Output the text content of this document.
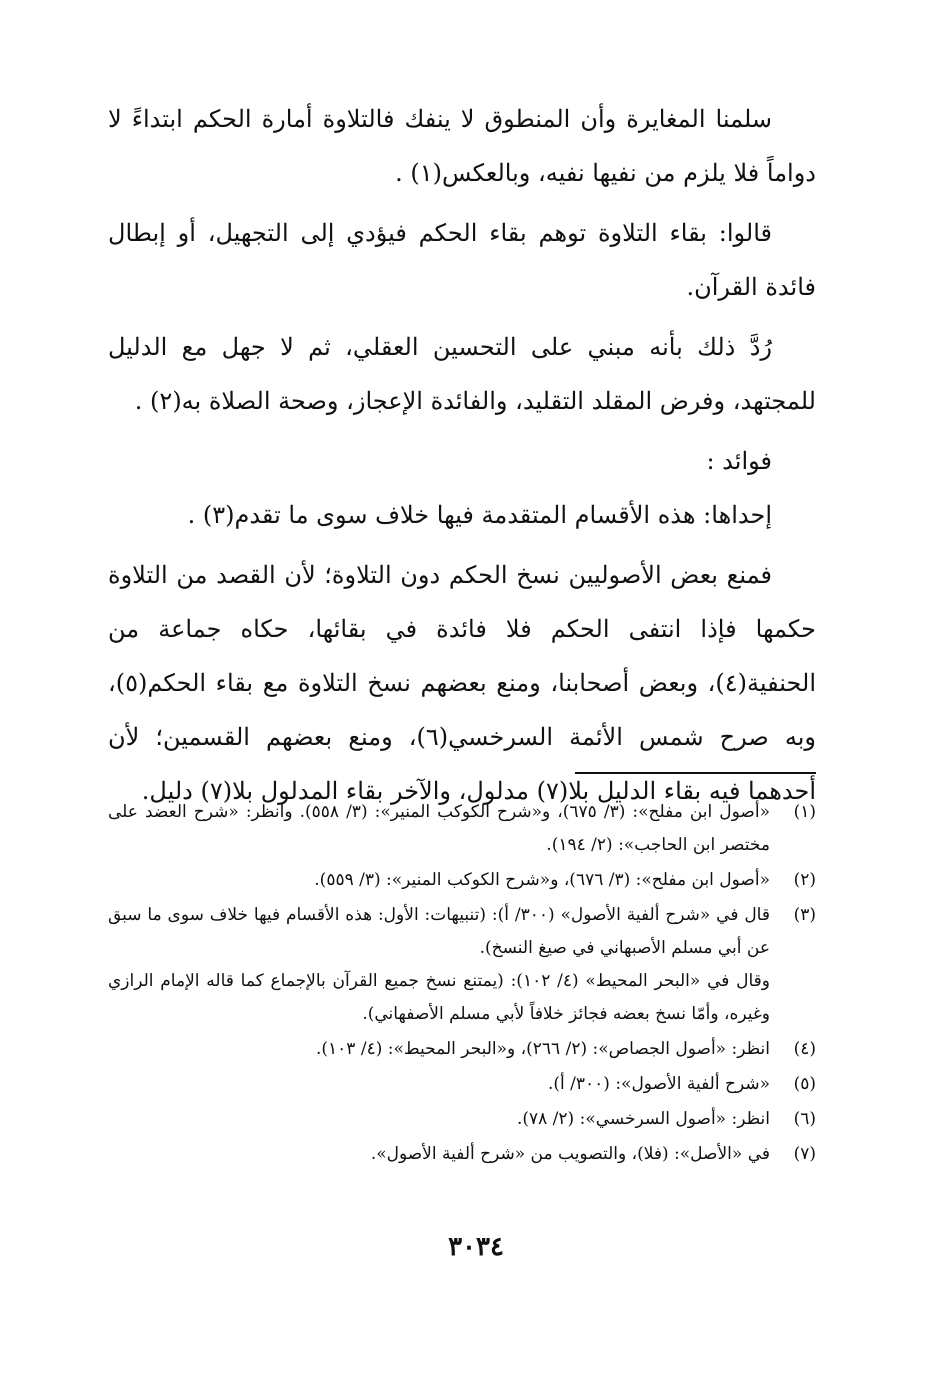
سلمنا المغايرة وأن المنطوق لا ينفك فالتلاوة أمارة الحكم ابتداءً لا دواماً فلا يلزم من نفيها نفيه، وبالعكس(١) .

قالوا: بقاء التلاوة توهم بقاء الحكم فيؤدي إلى التجهيل، أو إبطال فائدة القرآن.

رُدَّ ذلك بأنه مبني على التحسين العقلي، ثم لا جهل مع الدليل للمجتهد، وفرض المقلد التقليد، والفائدة الإعجاز، وصحة الصلاة به(٢) .

فوائد :

إحداها: هذه الأقسام المتقدمة فيها خلاف سوى ما تقدم(٣) .

فمنع بعض الأصوليين نسخ الحكم دون التلاوة؛ لأن القصد من التلاوة حكمها فإذا انتفى الحكم فلا فائدة في بقائها، حكاه جماعة من الحنفية(٤)، وبعض أصحابنا، ومنع بعضهم نسخ التلاوة مع بقاء الحكم(٥)، وبه صرح شمس الأئمة السرخسي(٦)، ومنع بعضهم القسمين؛ لأن أحدهما فيه بقاء الدليل بلا(٧) مدلول، والآخر بقاء المدلول بلا(٧) دليل.

(١)
«أصول ابن مفلح»: (٣/ ٦٧٥)، و«شرح الكوكب المنير»: (٣/ ٥٥٨). وانظر: «شرح العضد على مختصر ابن الحاجب»: (٢/ ١٩٤).
(٢)
«أصول ابن مفلح»: (٣/ ٦٧٦)، و«شرح الكوكب المنير»: (٣/ ٥٥٩).
(٣)
قال في «شرح ألفية الأصول» (٣٠٠/ أ): (تنبيهات: الأول: هذه الأقسام فيها خلاف سوى ما سبق عن أبي مسلم الأصبهاني في صيغ النسخ).
وقال في «البحر المحيط» (٤/ ١٠٢): (يمتنع نسخ جميع القرآن بالإجماع كما قاله الإمام الرازي وغيره، وأمّا نسخ بعضه فجائز خلافاً لأبي مسلم الأصفهاني).
(٤)
انظر: «أصول الجصاص»: (٢/ ٢٦٦)، و«البحر المحيط»: (٤/ ١٠٣).
(٥)
«شرح ألفية الأصول»: (٣٠٠/ أ).
(٦)
انظر: «أصول السرخسي»: (٢/ ٧٨).
(٧)
في «الأصل»: (فلا)، والتصويب من «شرح ألفية الأصول».
٣٠٣٤
